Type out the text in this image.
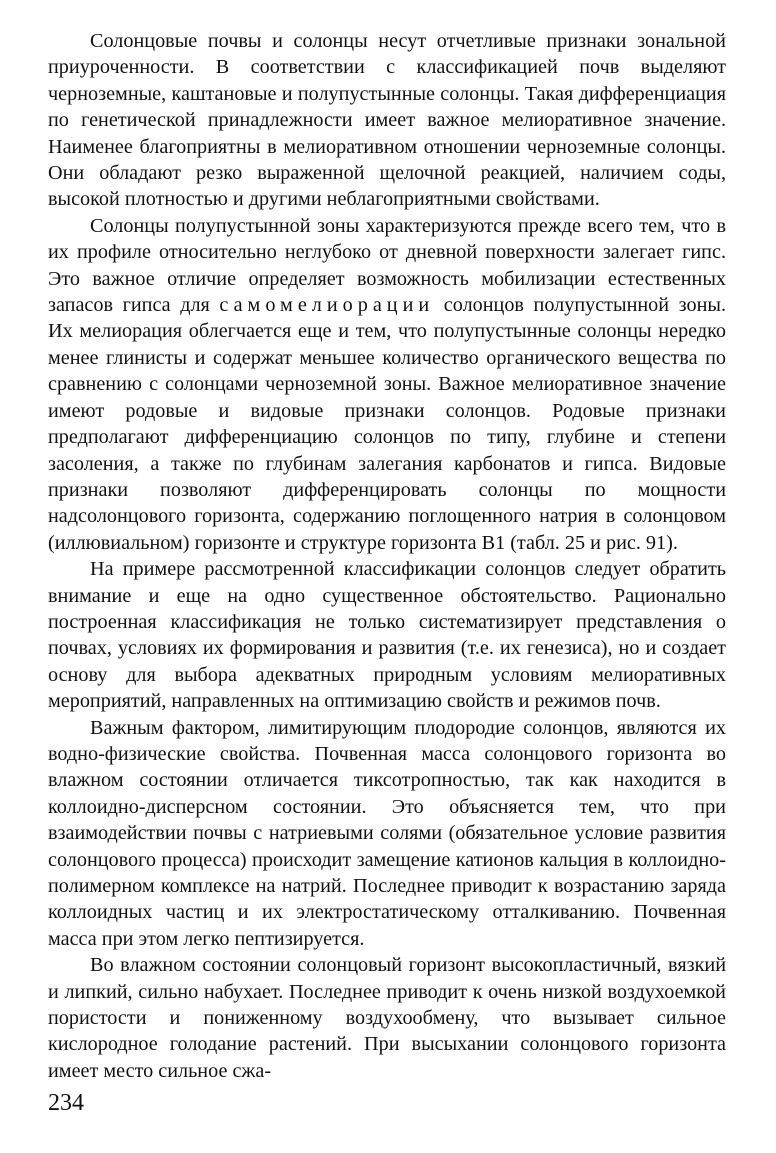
Солонцовые почвы и солонцы несут отчетливые признаки зональной приуроченности. В соответствии с классификацией почв выделяют черноземные, каштановые и полупустынные солонцы. Такая дифференциация по генетической принадлежности имеет важное мелиоративное значение. Наименее благоприятны в мелиоративном отношении черноземные солонцы. Они обладают резко выраженной щелочной реакцией, наличием соды, высокой плотностью и другими неблагоприятными свойствами.

Солонцы полупустынной зоны характеризуются прежде всего тем, что в их профиле относительно неглубоко от дневной поверхности залегает гипс. Это важное отличие определяет возможность мобилизации естественных запасов гипса для самомелиорации солонцов полупустынной зоны. Их мелиорация облегчается еще и тем, что полупустынные солонцы нередко менее глинисты и содержат меньшее количество органического вещества по сравнению с солонцами черноземной зоны. Важное мелиоративное значение имеют родовые и видовые признаки солонцов. Родовые признаки предполагают дифференциацию солонцов по типу, глубине и степени засоления, а также по глубинам залегания карбонатов и гипса. Видовые признаки позволяют дифференцировать солонцы по мощности надсолонцового горизонта, содержанию поглощенного натрия в солонцовом (иллювиальном) горизонте и структуре горизонта В1 (табл. 25 и рис. 91).

На примере рассмотренной классификации солонцов следует обратить внимание и еще на одно существенное обстоятельство. Рационально построенная классификация не только систематизирует представления о почвах, условиях их формирования и развития (т.е. их генезиса), но и создает основу для выбора адекватных природным условиям мелиоративных мероприятий, направленных на оптимизацию свойств и режимов почв.

Важным фактором, лимитирующим плодородие солонцов, являются их водно-физические свойства. Почвенная масса солонцового горизонта во влажном состоянии отличается тиксотропностью, так как находится в коллоидно-дисперсном состоянии. Это объясняется тем, что при взаимодействии почвы с натриевыми солями (обязательное условие развития солонцового процесса) происходит замещение катионов кальция в коллоидно-полимерном комплексе на натрий. Последнее приводит к возрастанию заряда коллоидных частиц и их электростатическому отталкиванию. Почвенная масса при этом легко пептизируется.

Во влажном состоянии солонцовый горизонт высокопластичный, вязкий и липкий, сильно набухает. Последнее приводит к очень низкой воздухоемкой пористости и пониженному воздухообмену, что вызывает сильное кислородное голодание растений. При высыхании солонцового горизонта имеет место сильное сжа-

234
